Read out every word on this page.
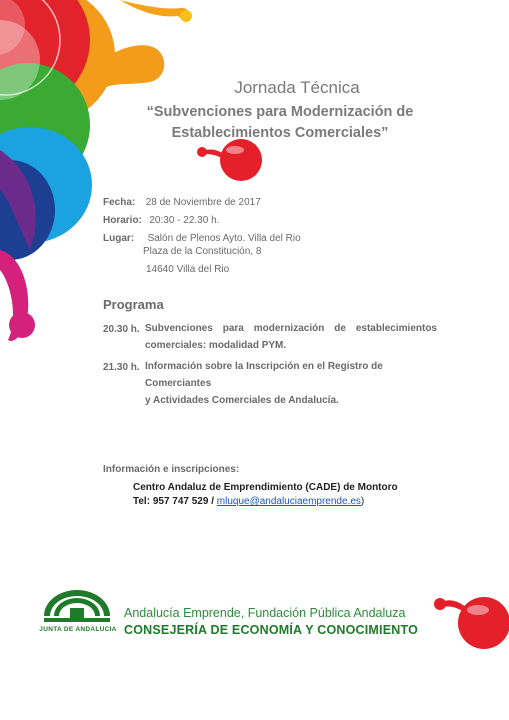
Jornada Técnica
“Subvenciones para Modernización de
Establecimientos Comerciales”
Fecha: 28 de Noviembre de 2017
Horario: 20:30 - 22.30 h.
Lugar: Salón de Plenos Ayto. Villa del Rio
Plaza de la Constitución, 8
14640 Villa del Rio
Programa
20.30 h. Subvenciones para modernización de establecimientos
comerciales: modalidad PYM.
21.30 h. Información sobre la Inscripción en el Registro de Comerciantes
y Actividades Comerciales de Andalucía.
Información e inscripciones:
Centro Andaluz de Emprendimiento (CADE) de Montoro
Tel: 957 747 529 / mluque@andaluciaemprende.es)
JUNTA DE ANDALUCIA
Andalucía Emprende, Fundación Pública Andaluza
CONSEJERÍA DE ECONOMÍA Y CONOCIMIENTO
